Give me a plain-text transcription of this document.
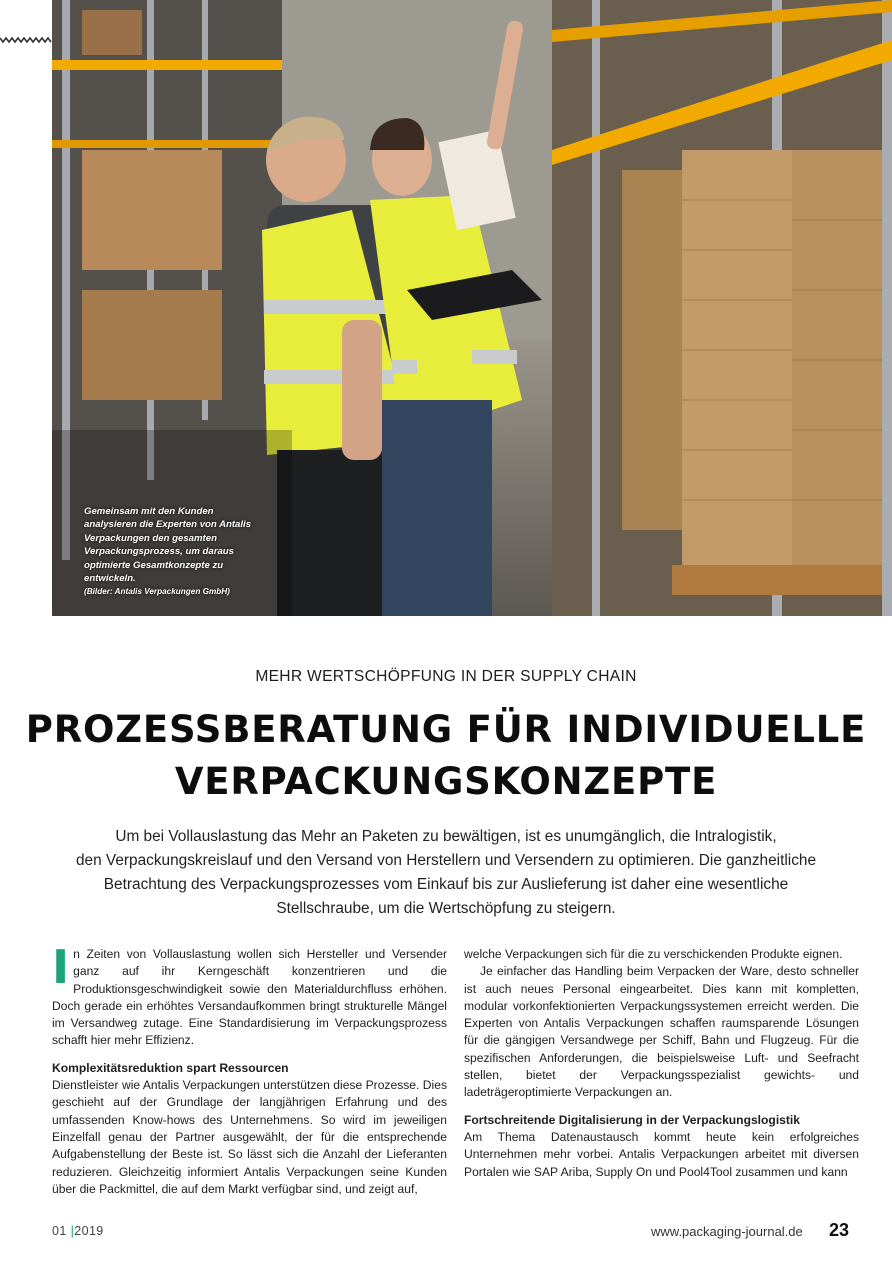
Gemeinsam mit den Kunden analysieren die Experten von Antalis Verpackungen den gesamten Verpackungsprozess, um daraus optimierte Gesamtkonzepte zu entwickeln.
(Bilder: Antalis Verpackungen GmbH)
MEHR WERTSCHÖPFUNG IN DER SUPPLY CHAIN
PROZESSBERATUNG FÜR INDIVIDUELLE
VERPACKUNGSKONZEPTE
Um bei Vollauslastung das Mehr an Paketen zu bewältigen, ist es unumgänglich, die Intralogistik,
den Verpackungskreislauf und den Versand von Herstellern und Versendern zu optimieren. Die ganzheitliche
Betrachtung des Verpackungsprozesses vom Einkauf bis zur Auslieferung ist daher eine wesentliche
Stellschraube, um die Wertschöpfung zu steigern.

In Zeiten von Vollauslastung wollen sich Hersteller und Versender ganz auf ihr Kerngeschäft konzentrieren und die Produktionsgeschwindigkeit sowie den Materialdurchfluss erhöhen. Doch gerade ein erhöhtes Versandaufkommen bringt strukturelle Mängel im Versandweg zutage. Eine Standardisierung im Verpackungsprozess schafft hier mehr Effizienz.

Komplexitätsreduktion spart Ressourcen

Dienstleister wie Antalis Verpackungen unterstützen diese Prozesse. Dies geschieht auf der Grundlage der langjährigen Erfahrung und des umfassenden Know-hows des Unternehmens. So wird im jeweiligen Einzelfall genau der Partner ausgewählt, der für die entsprechende Aufgabenstellung der Beste ist. So lässt sich die Anzahl der Lieferanten reduzieren. Gleichzeitig informiert Antalis Verpackungen seine Kunden über die Packmittel, die auf dem Markt verfügbar sind, und zeigt auf,

welche Verpackungen sich für die zu verschickenden Produkte eignen.

Je einfacher das Handling beim Verpacken der Ware, desto schneller ist auch neues Personal eingearbeitet. Dies kann mit kompletten, modular vorkonfektionierten Verpackungssystemen erreicht werden. Die Experten von Antalis Verpackungen schaffen raumsparende Lösungen für die gängigen Versandwege per Schiff, Bahn und Flugzeug. Für die spezifischen Anforderungen, die beispielsweise Luft- und Seefracht stellen, bietet der Verpackungsspezialist gewichts- und ladeträgeroptimierte Verpackungen an.

Fortschreitende Digitalisierung in der Verpackungslogistik

Am Thema Datenaustausch kommt heute kein erfolgreiches Unternehmen mehr vorbei. Antalis Verpackungen arbeitet mit diversen Portalen wie SAP Ariba, Supply On und Pool4Tool zusammen und kann

01 |2019	www.packaging-journal.de 23
